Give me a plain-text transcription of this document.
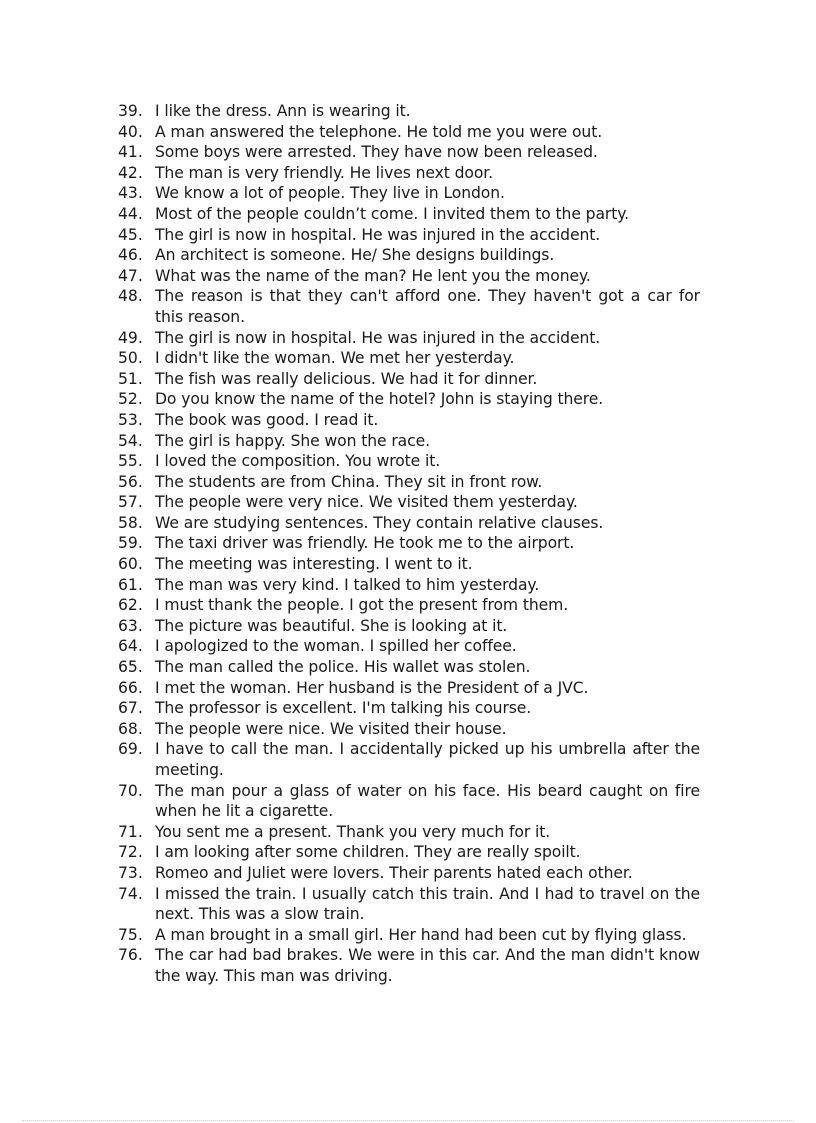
39. I like the dress. Ann is wearing it.
40. A man answered the telephone. He told me you were out.
41. Some boys were arrested. They have now been released.
42. The man is very friendly. He lives next door.
43. We know a lot of people. They live in London.
44. Most of the people couldn’t come. I invited them to the party.
45. The girl is now in hospital. He was injured in the accident.
46. An architect is someone. He/ She designs buildings.
47. What was the name of the man? He lent you the money.
48. The reason is that they can't afford one. They haven't got a car for this reason.
49. The girl is now in hospital. He was injured in the accident.
50. I didn't like the woman. We met her yesterday.
51. The fish was really delicious. We had it for dinner.
52. Do you know the name of the hotel? John is staying there.
53. The book was good. I read it.
54. The girl is happy. She won the race.
55. I loved the composition. You wrote it.
56. The students are from China. They sit in front row.
57. The people were very nice. We visited them yesterday.
58. We are studying sentences. They contain relative clauses.
59. The taxi driver was friendly. He took me to the airport.
60. The meeting was interesting. I went to it.
61. The man was very kind. I talked to him yesterday.
62. I must thank the people. I got the present from them.
63. The picture was beautiful. She is looking at it.
64. I apologized to the woman. I spilled her coffee.
65. The man called the police. His wallet was stolen.
66. I met the woman. Her husband is the President of a JVC.
67. The professor is excellent. I'm talking his course.
68. The people were nice. We visited their house.
69. I have to call the man. I accidentally picked up his umbrella after the meeting.
70. The man pour a glass of water on his face. His beard caught on fire when he lit a cigarette.
71. You sent me a present. Thank you very much for it.
72. I am looking after some children. They are really spoilt.
73. Romeo and Juliet were lovers. Their parents hated each other.
74. I missed the train. I usually catch this train. And I had to travel on the next. This was a slow train.
75. A man brought in a small girl. Her hand had been cut by flying glass.
76. The car had bad brakes. We were in this car. And the man didn't know the way. This man was driving.
